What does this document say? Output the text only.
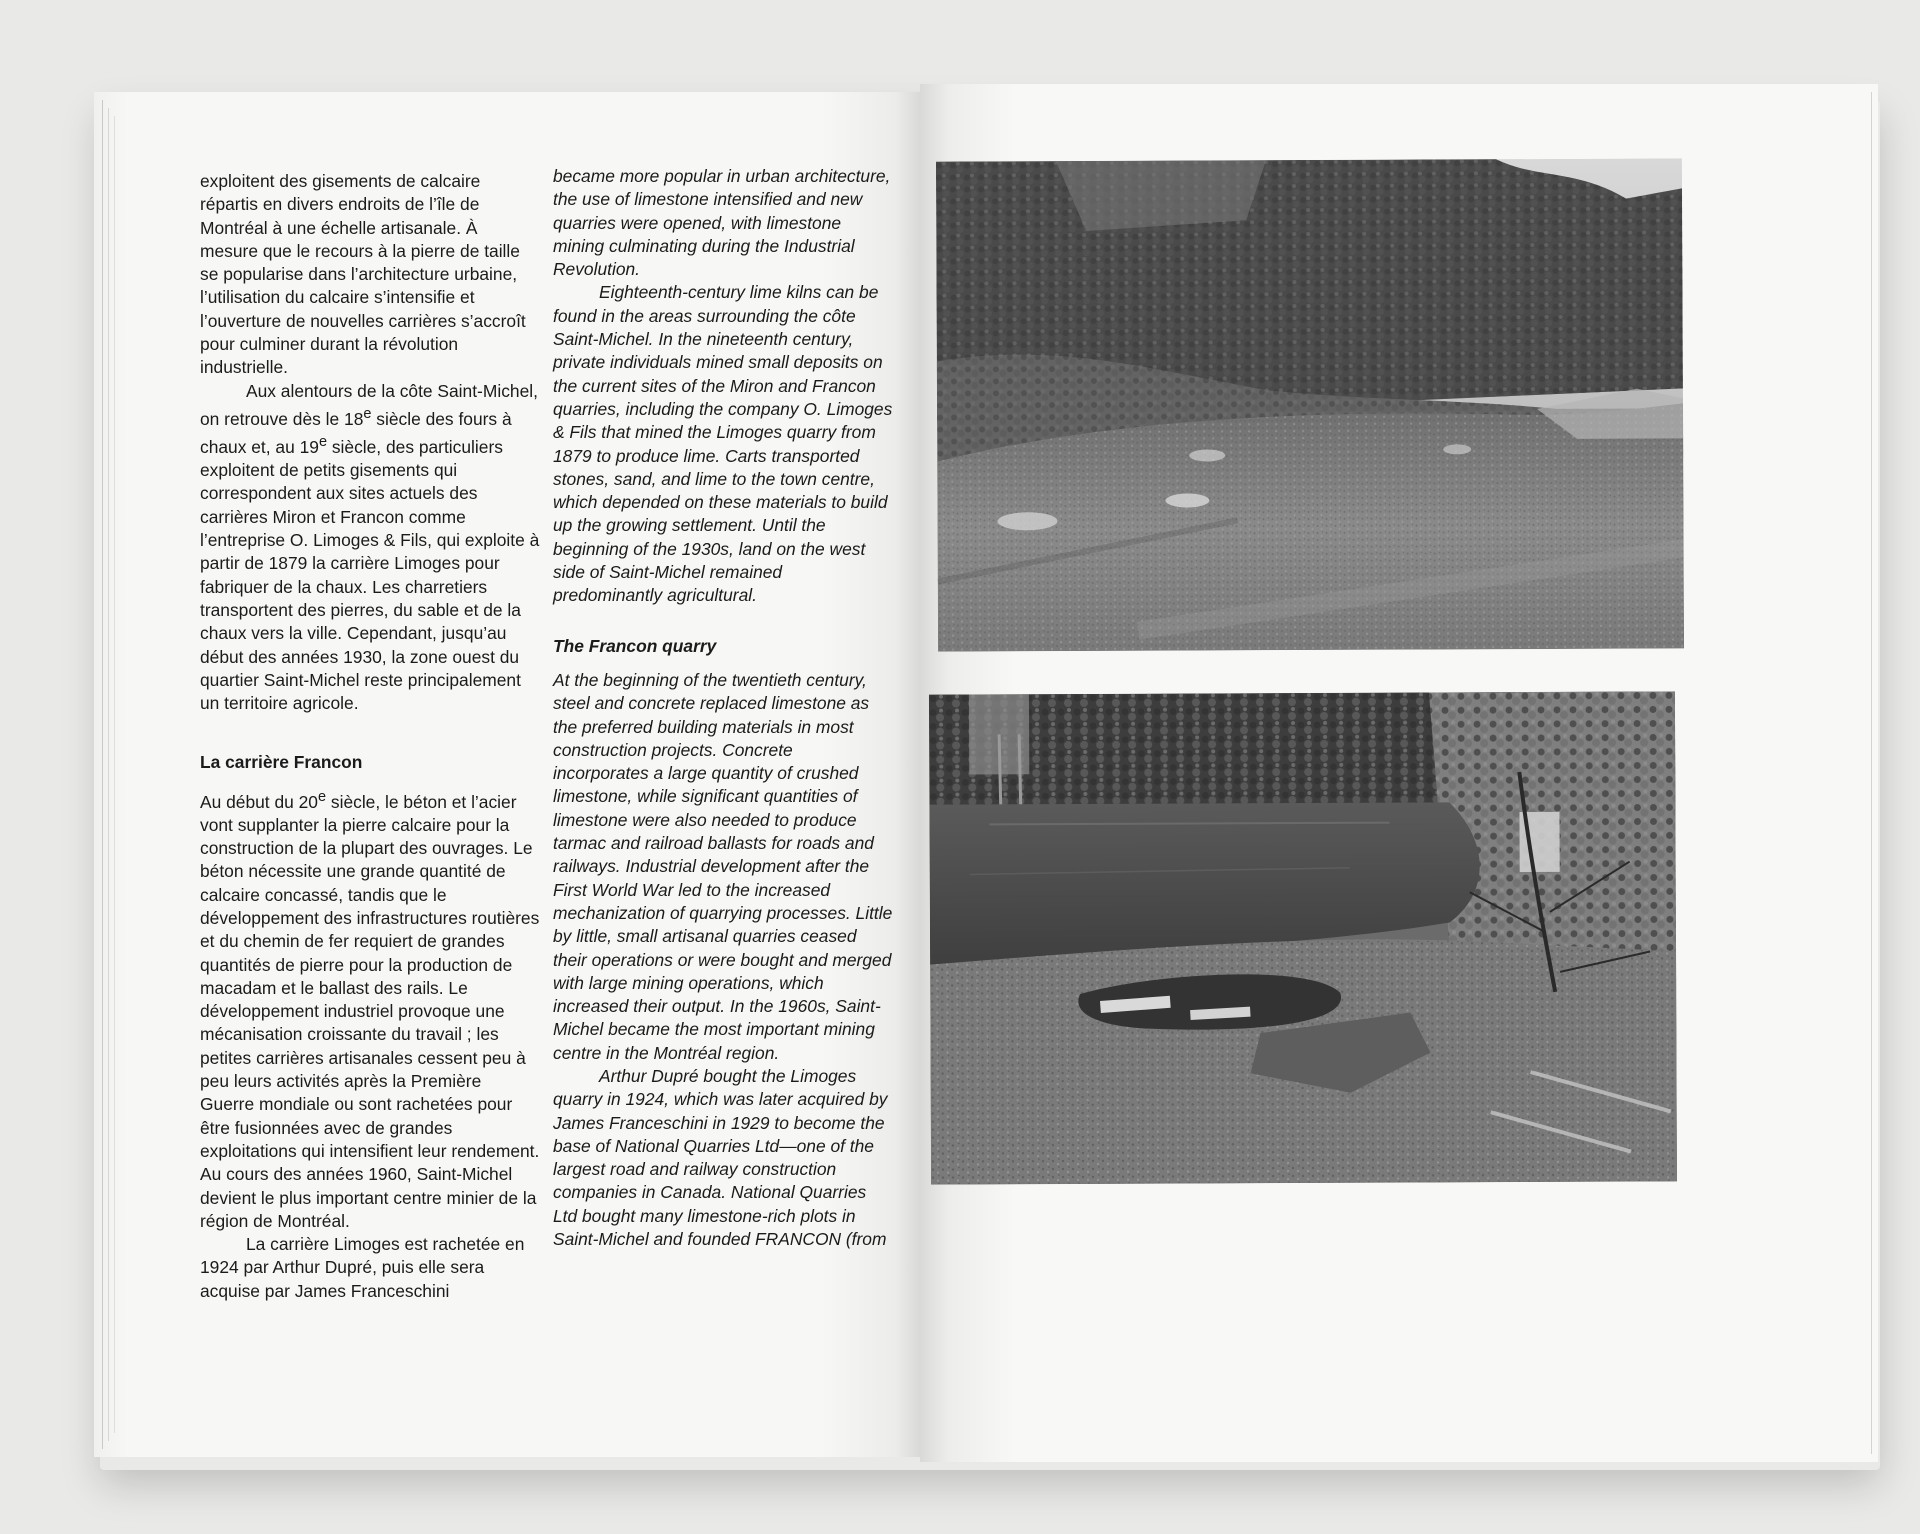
exploitent des gisements de calcaire répartis en divers endroits de l’île de Montréal à une échelle artisanale. À mesure que le recours à la pierre de taille se popularise dans l’architecture urbaine, l’utilisation du calcaire s’intensifie et l’ouverture de nouvelles carrières s’accroît pour culminer durant la révolution industrielle.

Aux alentours de la côte Saint-Michel, on retrouve dès le 18e siècle des fours à chaux et, au 19e siècle, des particuliers exploitent de petits gisements qui correspondent aux sites actuels des carrières Miron et Francon comme l’entreprise O. Limoges & Fils, qui exploite à partir de 1879 la carrière Limoges pour fabriquer de la chaux. Les charretiers transportent des pierres, du sable et de la chaux vers la ville. Cependant, jusqu’au début des années 1930, la zone ouest du quartier Saint-Michel reste principalement un territoire agricole.

La carrière Francon

Au début du 20e siècle, le béton et l’acier vont supplanter la pierre calcaire pour la construction de la plupart des ouvrages. Le béton nécessite une grande quantité de calcaire concassé, tandis que le développement des infrastructures routières et du chemin de fer requiert de grandes quantités de pierre pour la production de macadam et le ballast des rails. Le développement industriel provoque une mécanisation croissante du travail ; les petites carrières artisanales cessent peu à peu leurs activités après la Première Guerre mondiale ou sont rachetées pour être fusionnées avec de grandes exploitations qui intensifient leur rendement. Au cours des années 1960, Saint-Michel devient le plus important centre minier de la région de Montréal.

La carrière Limoges est rachetée en 1924 par Arthur Dupré, puis elle sera acquise par James Franceschini

became more popular in urban architecture, the use of limestone intensified and new quarries were opened, with limestone mining culminating during the Industrial Revolution.

Eighteenth-century lime kilns can be found in the areas surrounding the côte Saint-Michel. In the nineteenth century, private individuals mined small deposits on the current sites of the Miron and Francon quarries, including the company O. Limoges & Fils that mined the Limoges quarry from 1879 to produce lime. Carts transported stones, sand, and lime to the town centre, which depended on these materials to build up the growing settlement. Until the beginning of the 1930s, land on the west side of Saint-Michel remained predominantly agricultural.

The Francon quarry

At the beginning of the twentieth century, steel and concrete replaced limestone as the preferred building materials in most construction projects. Concrete incorporates a large quantity of crushed limestone, while significant quantities of limestone were also needed to produce tarmac and railroad ballasts for roads and railways. Industrial development after the First World War led to the increased mechanization of quarrying processes. Little by little, small artisanal quarries ceased their operations or were bought and merged with large mining operations, which increased their output. In the 1960s, Saint-Michel became the most important mining centre in the Montréal region.

Arthur Dupré bought the Limoges quarry in 1924, which was later acquired by James Franceschini in 1929 to become the base of National Quarries Ltd—one of the largest road and railway construction companies in Canada. National Quarries Ltd bought many limestone-rich plots in Saint-Michel and founded FRANCON (from
